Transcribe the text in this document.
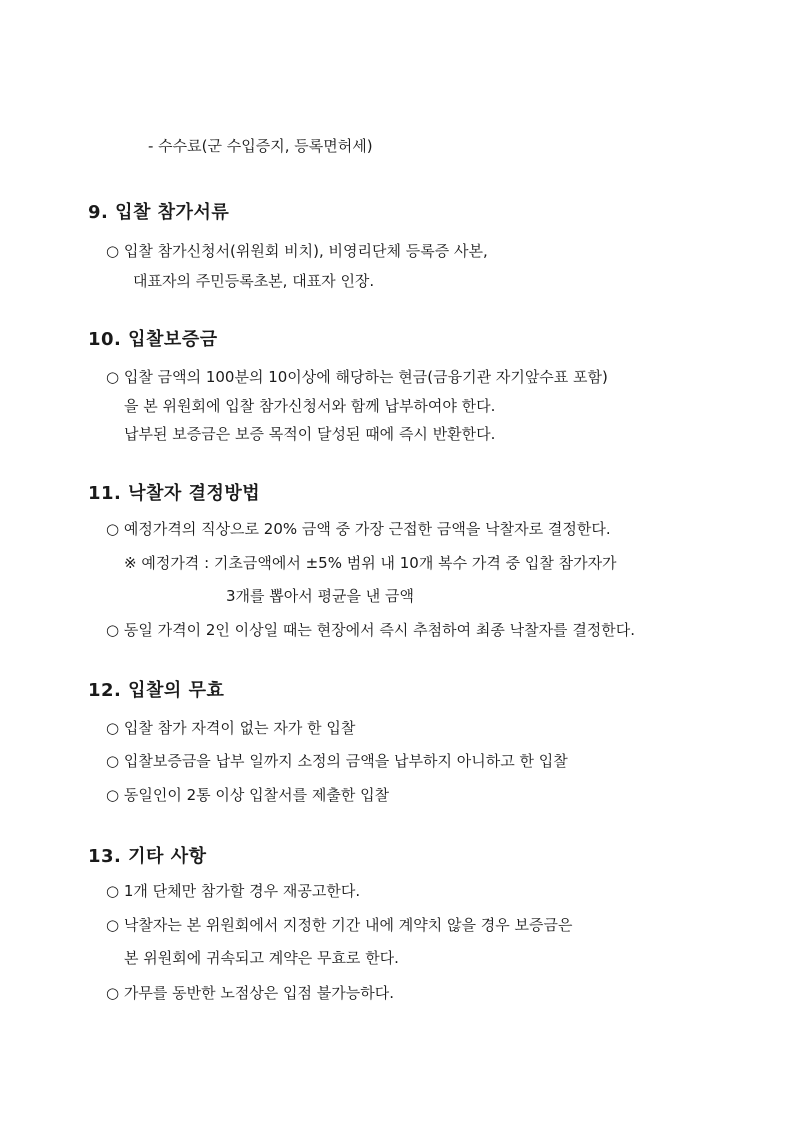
- 수수료(군 수입증지, 등록면허세)
9. 입찰 참가서류
○ 입찰 참가신청서(위원회 비치), 비영리단체 등록증 사본,
대표자의 주민등록초본, 대표자 인장.
10. 입찰보증금
○ 입찰 금액의 100분의 10이상에 해당하는 현금(금융기관 자기앞수표 포함)
을 본 위원회에 입찰 참가신청서와 함께 납부하여야 한다.
납부된 보증금은 보증 목적이 달성된 때에 즉시 반환한다.
11. 낙찰자 결정방법
○ 예정가격의 직상으로 20% 금액 중 가장 근접한 금액을 낙찰자로 결정한다.
※ 예정가격 : 기초금액에서 ±5% 범위 내 10개 복수 가격 중 입찰 참가자가
3개를 뽑아서 평균을 낸 금액
○ 동일 가격이 2인 이상일 때는 현장에서 즉시 추첨하여 최종 낙찰자를 결정한다.
12. 입찰의 무효
○ 입찰 참가 자격이 없는 자가 한 입찰
○ 입찰보증금을 납부 일까지 소정의 금액을 납부하지 아니하고 한 입찰
○ 동일인이 2통 이상 입찰서를 제출한 입찰
13. 기타 사항
○ 1개 단체만 참가할 경우 재공고한다.
○ 낙찰자는 본 위원회에서 지정한 기간 내에 계약치 않을 경우 보증금은
본 위원회에 귀속되고 계약은 무효로 한다.
○ 가무를 동반한 노점상은 입점 불가능하다.
